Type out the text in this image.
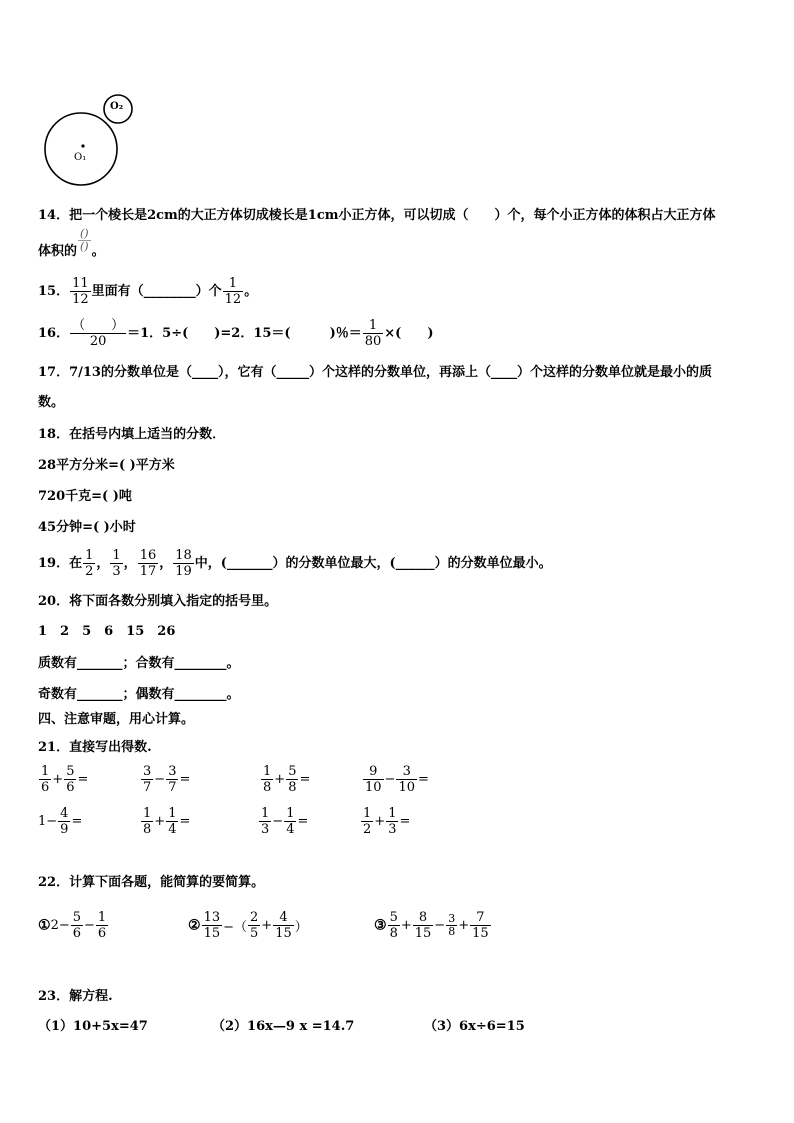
O₂
O₁
14．把一个棱长是2cm的大正方体切成棱长是1cm小正方体，可以切成（　　）个，每个小正方体的体积占大正方体
体积的 $\frac{()}{()}$ 。
15． $\frac{11}{12}$ 里面有（________）个 $\frac{1}{12}$ 。
16． $\frac{( )}{20} =1$．5÷(　　)=2．15＝(　　　)％＝ $\frac{1}{80}$ ×(　　)
17．7/13的分数单位是（____），它有（_____）个这样的分数单位，再添上（____）个这样的分数单位就是最小的质
数。
18．在括号内填上适当的分数．
28平方分米=( )平方米
720千克=( )吨
45分钟=( )小时
19．在 $\frac{1}{2}$ ， $\frac{1}{3}$ ， $\frac{16}{17}$ ， $\frac{18}{19}$ 中，(_______）的分数单位最大，(______）的分数单位最小。
20．将下面各数分别填入指定的括号里。
1　2　5　6　15　26
质数有_______；合数有________。
奇数有_______；偶数有________。
四、注意审题，用心计算。
21．直接写出得数.
$\frac{1}{6} + \frac{5}{6}$ =	$\frac{3}{7} - \frac{3}{7}$ =	$\frac{1}{8} + \frac{5}{8}$ =	$\frac{9}{10} - \frac{3}{10}$ =
$1- \frac{4}{9}$ =	$\frac{1}{8} + \frac{1}{4}$ =	$\frac{1}{3} - \frac{1}{4}$ =	$\frac{1}{2} + \frac{1}{3}$ =
22．计算下面各题，能简算的要简算。
①2− $\frac{5}{6} - \frac{1}{6}$	② $\frac{13}{15}$ −（ $\frac{2}{5} + \frac{4}{15}$ ）	③ $\frac{5}{8} + \frac{8}{15} - \frac{3}{8} + \frac{7}{15}$
23．解方程.
（1）10+5x=47	（2）16x—9 x =14.7	（3）6x÷6=15
